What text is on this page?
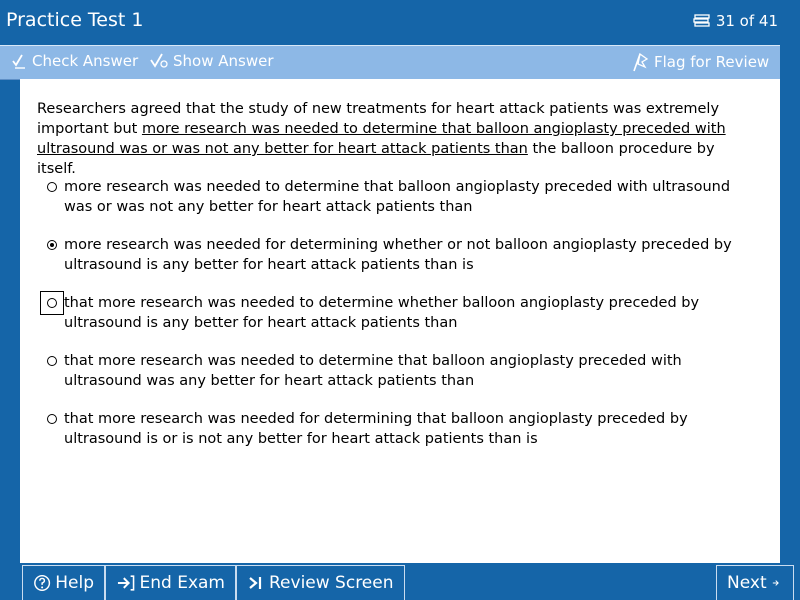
Practice Test 1	31 of 41
Check Answer Show Answer	Flag for Review
Researchers agreed that the study of new treatments for heart attack patients was extremely important but more research was needed to determine that balloon angioplasty preceded with ultrasound was or was not any better for heart attack patients than the balloon procedure by itself.
more research was needed to determine that balloon angioplasty preceded with ultrasound was or was not any better for heart attack patients than
more research was needed for determining whether or not balloon angioplasty preceded by ultrasound is any better for heart attack patients than is
that more research was needed to determine whether balloon angioplasty preceded by ultrasound is any better for heart attack patients than
that more research was needed to determine that balloon angioplasty preceded with ultrasound was any better for heart attack patients than
that more research was needed for determining that balloon angioplasty preceded by ultrasound is or is not any better for heart attack patients than is
Help	End Exam	Review Screen	Next
